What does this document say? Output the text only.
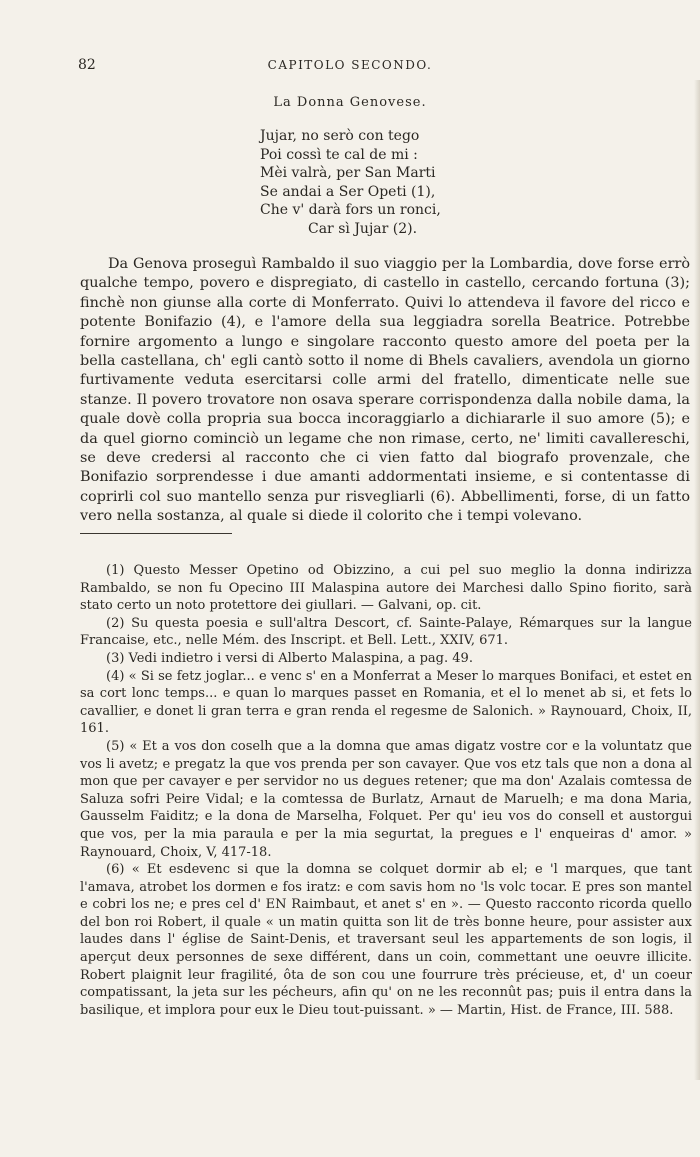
82	CAPITOLO SECONDO.
La Donna Genovese.
Jujar, no serò con tego
Poi cossì te cal de mi :
Mèi valrà, per San Marti
Se andai a Ser Opeti (1),
Che v' darà fors un ronci,
Car sì Jujar (2).

Da Genova proseguì Rambaldo il suo viaggio per la Lombardia, dove forse errò qualche tempo, povero e dispregiato, di castello in castello, cercando fortuna (3); finchè non giunse alla corte di Monferrato. Quivi lo attendeva il favore del ricco e potente Bonifazio (4), e l'amore della sua leggiadra sorella Beatrice. Potrebbe fornire argomento a lungo e singolare racconto questo amore del poeta per la bella castellana, ch' egli cantò sotto il nome di Bhels cavaliers, avendola un giorno furtivamente veduta esercitarsi colle armi del fratello, dimenticate nelle sue stanze. Il povero trovatore non osava sperare corrispondenza dalla nobile dama, la quale dovè colla propria sua bocca incoraggiarlo a dichiararle il suo amore (5); e da quel giorno cominciò un legame che non rimase, certo, ne' limiti cavallereschi, se deve credersi al racconto che ci vien fatto dal biografo provenzale, che Bonifazio sorprendesse i due amanti addormentati insieme, e si contentasse di coprirli col suo mantello senza pur risvegliarli (6). Abbellimenti, forse, di un fatto vero nella sostanza, al quale si diede il colorito che i tempi volevano.

(1) Questo Messer Opetino od Obizzino, a cui pel suo meglio la donna indirizza Rambaldo, se non fu Opecino III Malaspina autore dei Marchesi dallo Spino fiorito, sarà stato certo un noto protettore dei giullari. — Galvani, op. cit.

(2) Su questa poesia e sull'altra Descort, cf. Sainte-Palaye, Rémarques sur la langue Francaise, etc., nelle Mém. des Inscript. et Bell. Lett., XXIV, 671.

(3) Vedi indietro i versi di Alberto Malaspina, a pag. 49.

(4) « Si se fetz joglar... e venc s' en a Monferrat a Meser lo marques Bonifaci, et estet en sa cort lonc temps... e quan lo marques passet en Romania, et el lo menet ab si, et fets lo cavallier, e donet li gran terra e gran renda el regesme de Salonich. » Raynouard, Choix, II, 161.

(5) « Et a vos don coselh que a la domna que amas digatz vostre cor e la voluntatz que vos li avetz; e pregatz la que vos prenda per son cavayer. Que vos etz tals que non a dona al mon que per cavayer e per servidor no us degues retener; que ma don' Azalais comtessa de Saluza sofri Peire Vidal; e la comtessa de Burlatz, Arnaut de Maruelh; e ma dona Maria, Gausselm Faiditz; e la dona de Marselha, Folquet. Per qu' ieu vos do consell et austorgui que vos, per la mia paraula e per la mia segurtat, la pregues e l' enqueiras d' amor. » Raynouard, Choix, V, 417-18.

(6) « Et esdevenc si que la domna se colquet dormir ab el; e 'l marques, que tant l'amava, atrobet los dormen e fos iratz: e com savis hom no 'ls volc tocar. E pres son mantel e cobri los ne; e pres cel d' EN Raimbaut, et anet s' en ». — Questo racconto ricorda quello del bon roi Robert, il quale « un matin quitta son lit de très bonne heure, pour assister aux laudes dans l' église de Saint-Denis, et traversant seul les appartements de son logis, il aperçut deux personnes de sexe différent, dans un coin, commettant une oeuvre illicite. Robert plaignit leur fragilité, ôta de son cou une fourrure très précieuse, et, d' un coeur compatissant, la jeta sur les pécheurs, afin qu' on ne les reconnût pas; puis il entra dans la basilique, et implora pour eux le Dieu tout-puissant. » — Martin, Hist. de France, III. 588.
